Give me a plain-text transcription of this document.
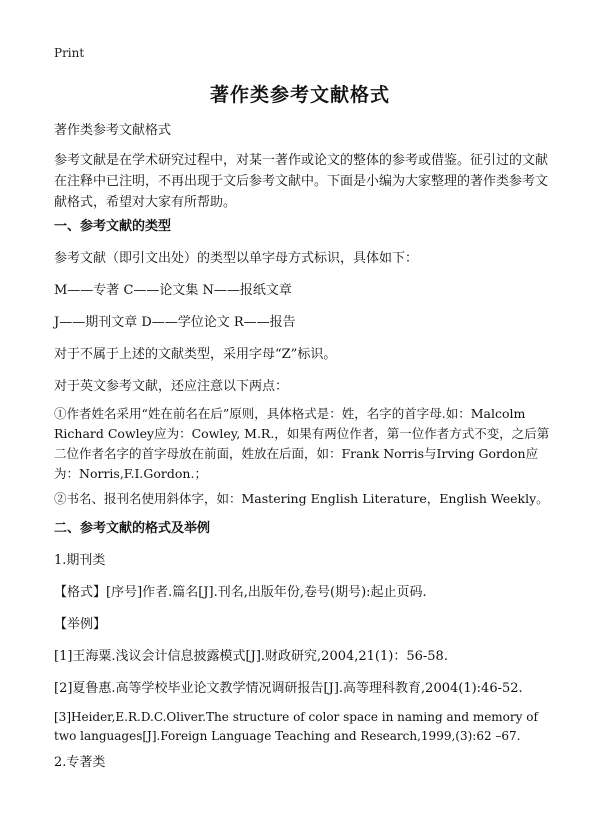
Print
著作类参考文献格式

著作类参考文献格式

参考文献是在学术研究过程中，对某一著作或论文的整体的参考或借鉴。征引过的文献在注释中已注明，不再出现于文后参考文献中。下面是小编为大家整理的著作类参考文献格式，希望对大家有所帮助。

一、参考文献的类型

参考文献（即引文出处）的类型以单字母方式标识，具体如下：

M——专著 C——论文集 N——报纸文章

J——期刊文章 D——学位论文 R——报告

对于不属于上述的文献类型，采用字母“Z”标识。

对于英文参考文献，还应注意以下两点：

①作者姓名采用“姓在前名在后”原则，具体格式是：姓，名字的首字母.如：Malcolm Richard Cowley应为：Cowley, M.R.，如果有两位作者，第一位作者方式不变，之后第二位作者名字的首字母放在前面，姓放在后面，如：Frank Norris与Irving Gordon应为：Norris,F.I.Gordon.；

②书名、报刊名使用斜体字，如：Mastering English Literature，English Weekly。

二、参考文献的格式及举例

1.期刊类

【格式】[序号]作者.篇名[J].刊名,出版年份,卷号(期号):起止页码.

【举例】

[1]王海粟.浅议会计信息披露模式[J].财政研究,2004,21(1)：56-58.

[2]夏鲁惠.高等学校毕业论文教学情况调研报告[J].高等理科教育,2004(1):46-52.

[3]Heider,E.R.D.C.Oliver.The structure of color space in naming and memory of two languages[J].Foreign Language Teaching and Research,1999,(3):62 –67.

2.专著类
